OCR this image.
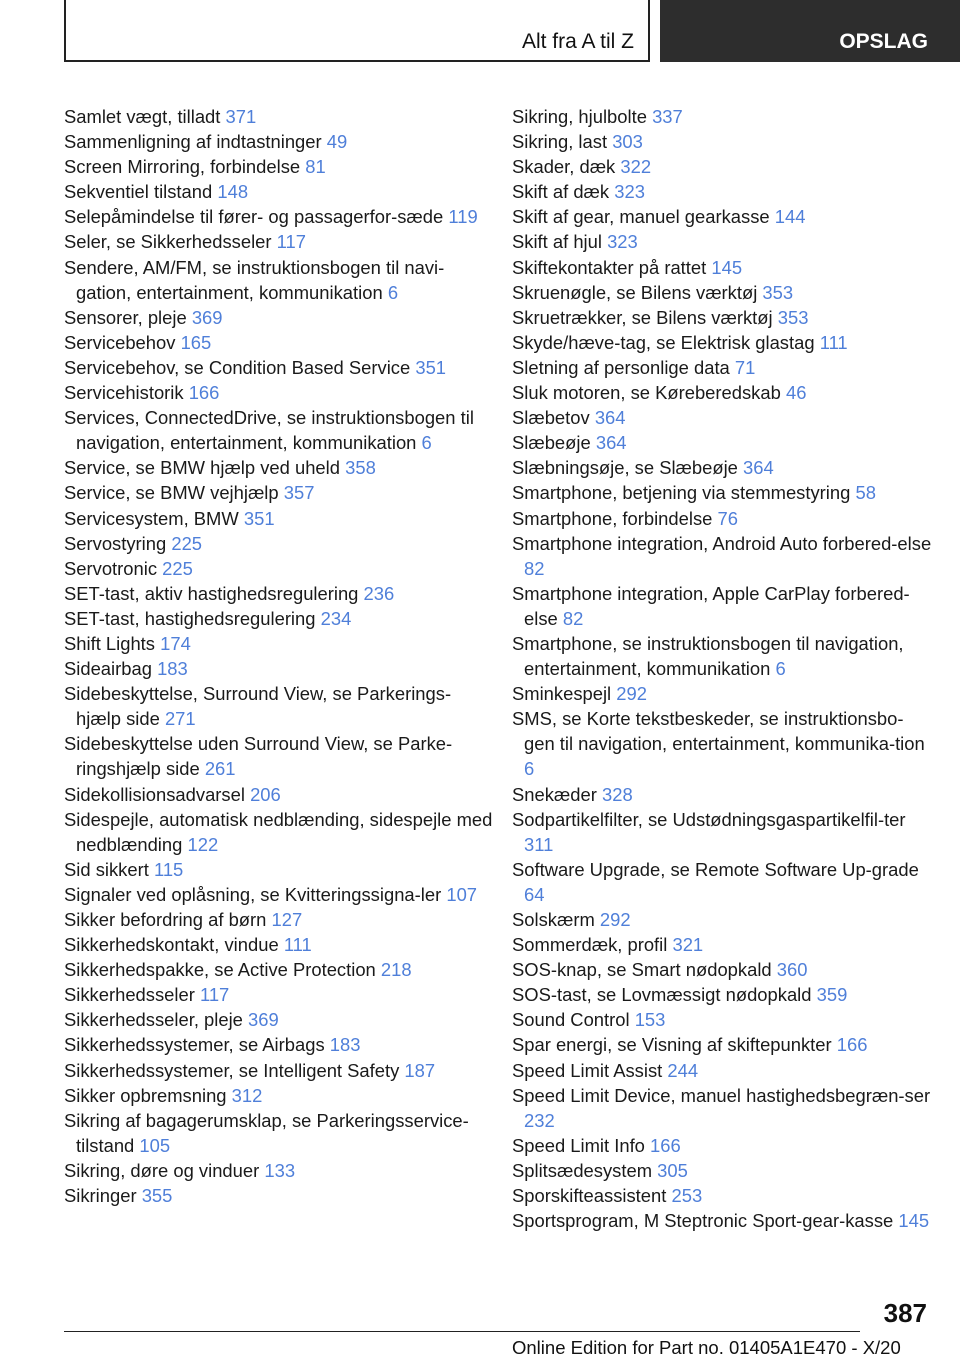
Alt fra A til Z	OPSLAG
Samlet vægt, tilladt 371
Sammenligning af indtastninger 49
Screen Mirroring, forbindelse 81
Sekventiel tilstand 148
Selepåmindelse til fører- og passagerfor-sæde 119
Seler, se Sikkerhedsseler 117
Sendere, AM/FM, se instruktionsbogen til navi-gation, entertainment, kommunikation 6
Sensorer, pleje 369
Servicebehov 165
Servicebehov, se Condition Based Service 351
Servicehistorik 166
Services, ConnectedDrive, se instruktionsbogen til navigation, entertainment, kommunikation 6
Service, se BMW hjælp ved uheld 358
Service, se BMW vejhjælp 357
Servicesystem, BMW 351
Servostyring 225
Servotronic 225
SET-tast, aktiv hastighedsregulering 236
SET-tast, hastighedsregulering 234
Shift Lights 174
Sideairbag 183
Sidebeskyttelse, Surround View, se Parkerings-hjælp side 271
Sidebeskyttelse uden Surround View, se Parke-ringshjælp side 261
Sidekollisionsadvarsel 206
Sidespejle, automatisk nedblænding, sidespejle med nedblænding 122
Sid sikkert 115
Signaler ved oplåsning, se Kvitteringssigna-ler 107
Sikker befordring af børn 127
Sikkerhedskontakt, vindue 111
Sikkerhedspakke, se Active Protection 218
Sikkerhedsseler 117
Sikkerhedsseler, pleje 369
Sikkerhedssystemer, se Airbags 183
Sikkerhedssystemer, se Intelligent Safety 187
Sikker opbremsning 312
Sikring af bagagerumsklap, se Parkeringsservice-tilstand 105
Sikring, døre og vinduer 133
Sikringer 355
Sikring, hjulbolte 337
Sikring, last 303
Skader, dæk 322
Skift af dæk 323
Skift af gear, manuel gearkasse 144
Skift af hjul 323
Skiftekontakter på rattet 145
Skruenøgle, se Bilens værktøj 353
Skruetrækker, se Bilens værktøj 353
Skyde/hæve-tag, se Elektrisk glastag 111
Sletning af personlige data 71
Sluk motoren, se Køreberedskab 46
Slæbetov 364
Slæbeøje 364
Slæbningsøje, se Slæbeøje 364
Smartphone, betjening via stemmestyring 58
Smartphone, forbindelse 76
Smartphone integration, Android Auto forbered-else 82
Smartphone integration, Apple CarPlay forbered-else 82
Smartphone, se instruktionsbogen til navigation, entertainment, kommunikation 6
Sminkespejl 292
SMS, se Korte tekstbeskeder, se instruktionsbo-gen til navigation, entertainment, kommunika-tion 6
Snekæder 328
Sodpartikelfilter, se Udstødningsgaspartikelfil-ter 311
Software Upgrade, se Remote Software Up-grade 64
Solskærm 292
Sommerdæk, profil 321
SOS-knap, se Smart nødopkald 360
SOS-tast, se Lovmæssigt nødopkald 359
Sound Control 153
Spar energi, se Visning af skiftepunkter 166
Speed Limit Assist 244
Speed Limit Device, manuel hastighedsbegræn-ser 232
Speed Limit Info 166
Splitsædesystem 305
Sporskifteassistent 253
Sportsprogram, M Steptronic Sport-gear-kasse 145
387
Online Edition for Part no. 01405A1E470 - X/20
